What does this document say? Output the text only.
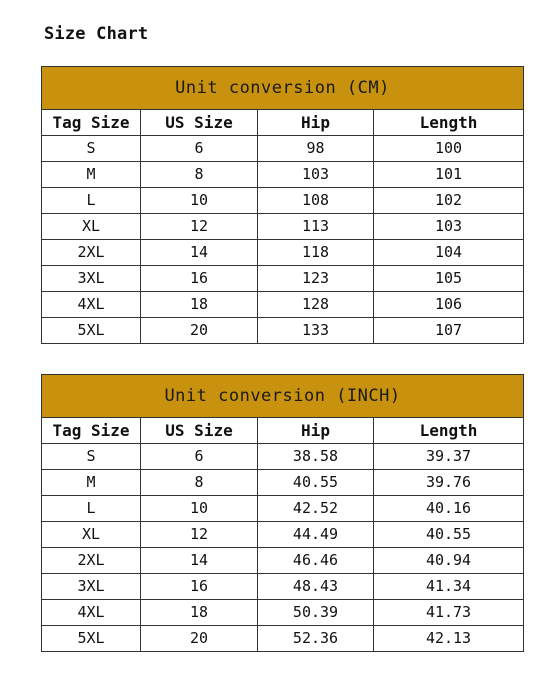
Size Chart
Unit conversion (CM)			
Tag Size	US Size	Hip	Length
S	6	98	100
M	8	103	101
L	10	108	102
XL	12	113	103
2XL	14	118	104
3XL	16	123	105
4XL	18	128	106
5XL	20	133	107
Unit conversion (INCH)			
Tag Size	US Size	Hip	Length
S	6	38.58	39.37
M	8	40.55	39.76
L	10	42.52	40.16
XL	12	44.49	40.55
2XL	14	46.46	40.94
3XL	16	48.43	41.34
4XL	18	50.39	41.73
5XL	20	52.36	42.13
